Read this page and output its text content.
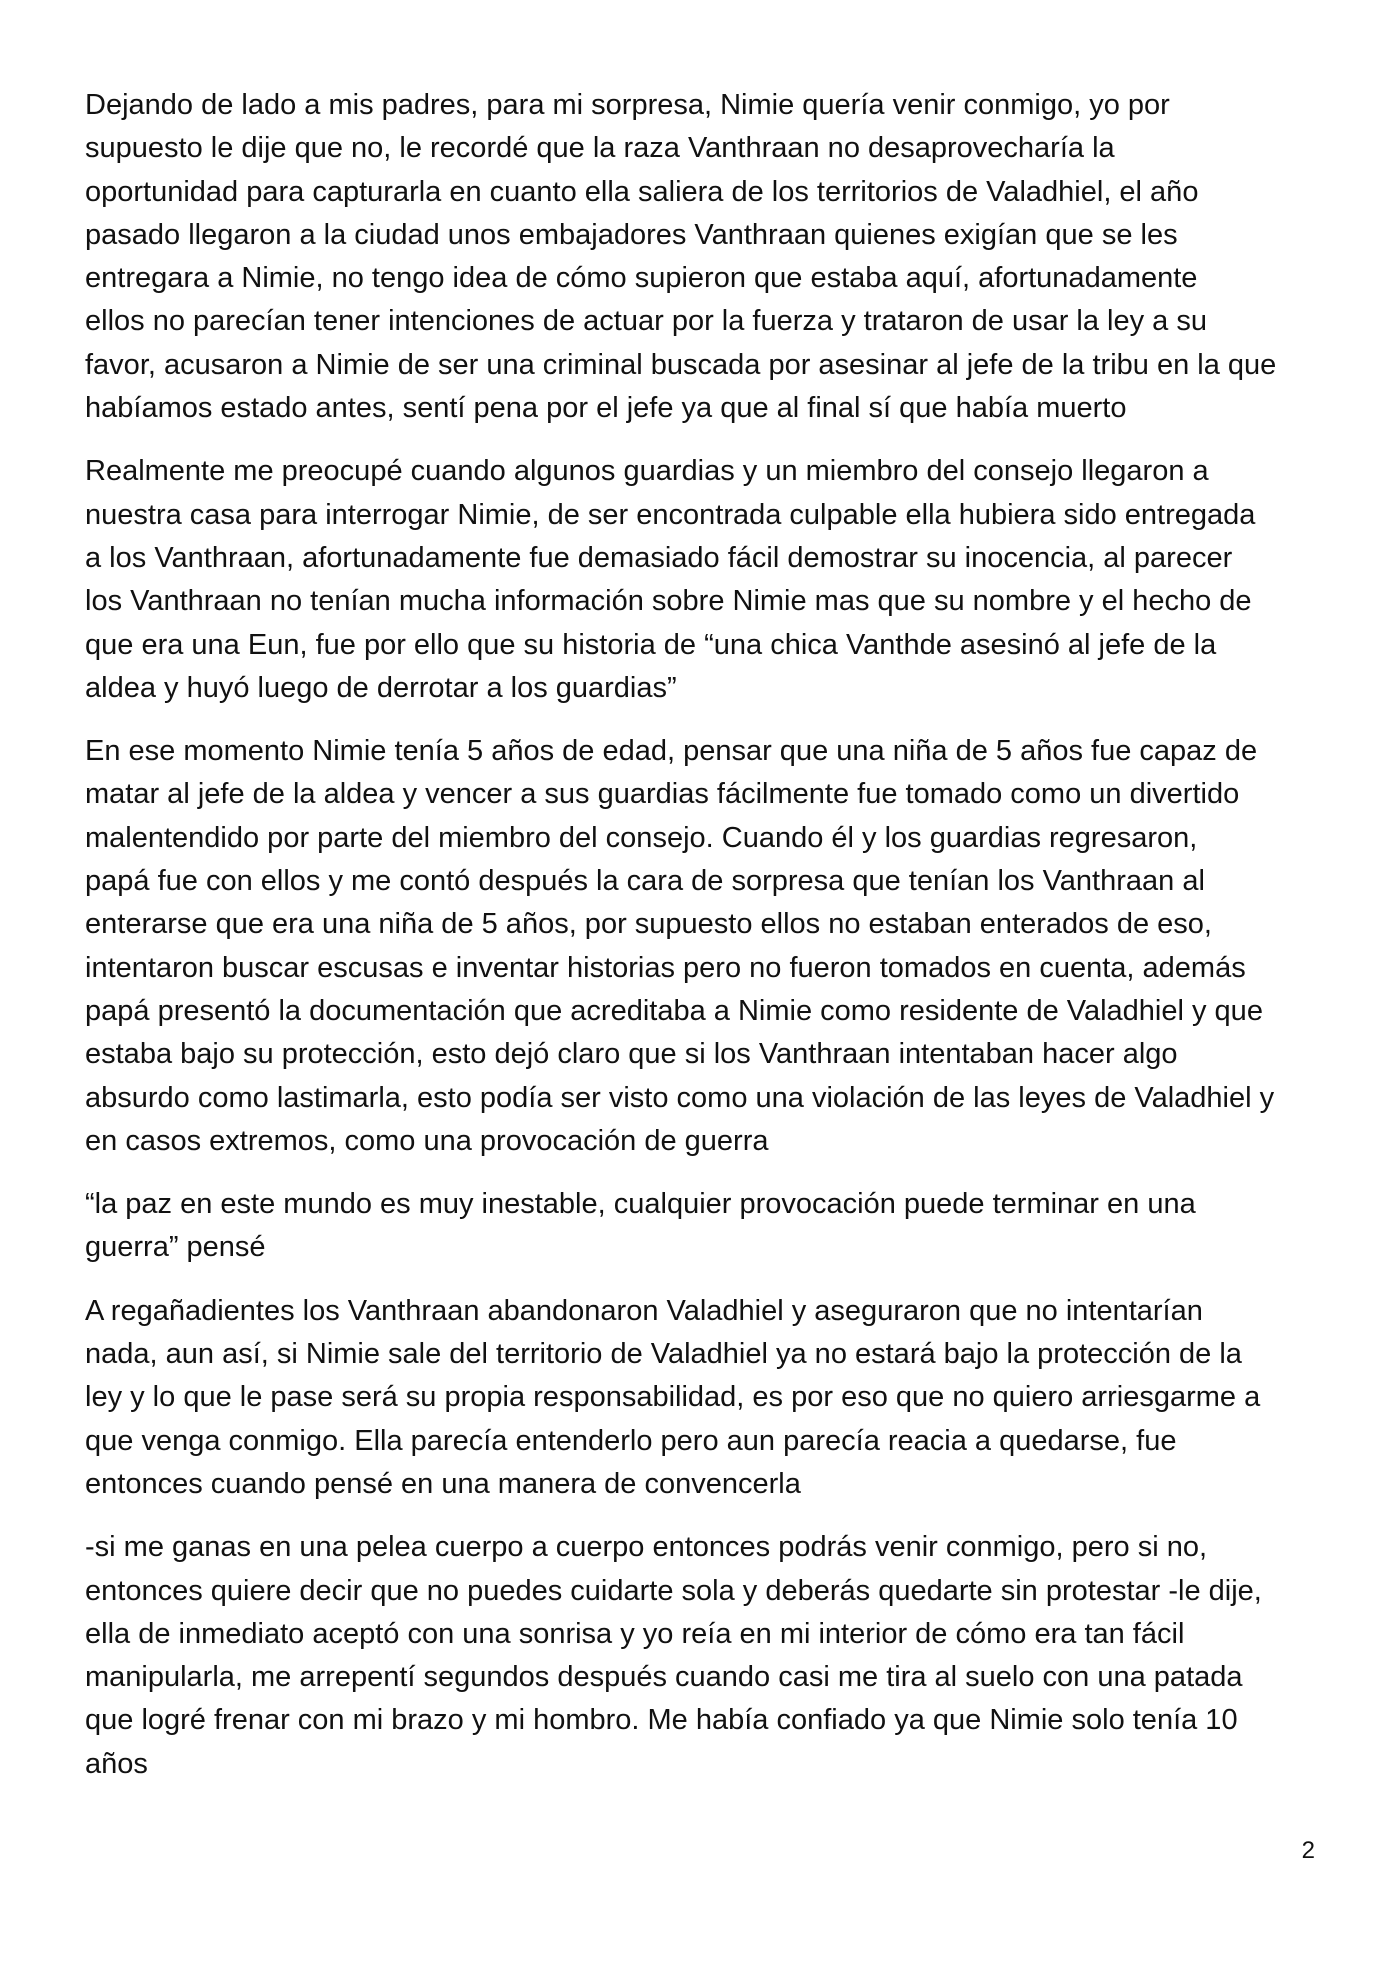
Dejando de lado a mis padres, para mi sorpresa, Nimie quería venir conmigo, yo por
supuesto le dije que no, le recordé que la raza Vanthraan no desaprovecharía la
oportunidad para capturarla en cuanto ella saliera de los territorios de Valadhiel, el año
pasado llegaron a la ciudad unos embajadores Vanthraan quienes exigían que se les
entregara a Nimie, no tengo idea de cómo supieron que estaba aquí, afortunadamente
ellos no parecían tener intenciones de actuar por la fuerza y trataron de usar la ley a su
favor, acusaron a Nimie de ser una criminal buscada por asesinar al jefe de la tribu en la que
habíamos estado antes, sentí pena por el jefe ya que al final sí que había muerto

Realmente me preocupé cuando algunos guardias y un miembro del consejo llegaron a
nuestra casa para interrogar Nimie, de ser encontrada culpable ella hubiera sido entregada
a los Vanthraan, afortunadamente fue demasiado fácil demostrar su inocencia, al parecer
los Vanthraan no tenían mucha información sobre Nimie mas que su nombre y el hecho de
que era una Eun, fue por ello que su historia de “una chica Vanthde asesinó al jefe de la
aldea y huyó luego de derrotar a los guardias”

En ese momento Nimie tenía 5 años de edad, pensar que una niña de 5 años fue capaz de
matar al jefe de la aldea y vencer a sus guardias fácilmente fue tomado como un divertido
malentendido por parte del miembro del consejo. Cuando él y los guardias regresaron,
papá fue con ellos y me contó después la cara de sorpresa que tenían los Vanthraan al
enterarse que era una niña de 5 años, por supuesto ellos no estaban enterados de eso,
intentaron buscar escusas e inventar historias pero no fueron tomados en cuenta, además
papá presentó la documentación que acreditaba a Nimie como residente de Valadhiel y que
estaba bajo su protección, esto dejó claro que si los Vanthraan intentaban hacer algo
absurdo como lastimarla, esto podía ser visto como una violación de las leyes de Valadhiel y
en casos extremos, como una provocación de guerra

“la paz en este mundo es muy inestable, cualquier provocación puede terminar en una
guerra” pensé

A regañadientes los Vanthraan abandonaron Valadhiel y aseguraron que no intentarían
nada, aun así, si Nimie sale del territorio de Valadhiel ya no estará bajo la protección de la
ley y lo que le pase será su propia responsabilidad, es por eso que no quiero arriesgarme a
que venga conmigo. Ella parecía entenderlo pero aun parecía reacia a quedarse, fue
entonces cuando pensé en una manera de convencerla

-si me ganas en una pelea cuerpo a cuerpo entonces podrás venir conmigo, pero si no,
entonces quiere decir que no puedes cuidarte sola y deberás quedarte sin protestar -le dije,
ella de inmediato aceptó con una sonrisa y yo reía en mi interior de cómo era tan fácil
manipularla, me arrepentí segundos después cuando casi me tira al suelo con una patada
que logré frenar con mi brazo y mi hombro. Me había confiado ya que Nimie solo tenía 10
años

2
